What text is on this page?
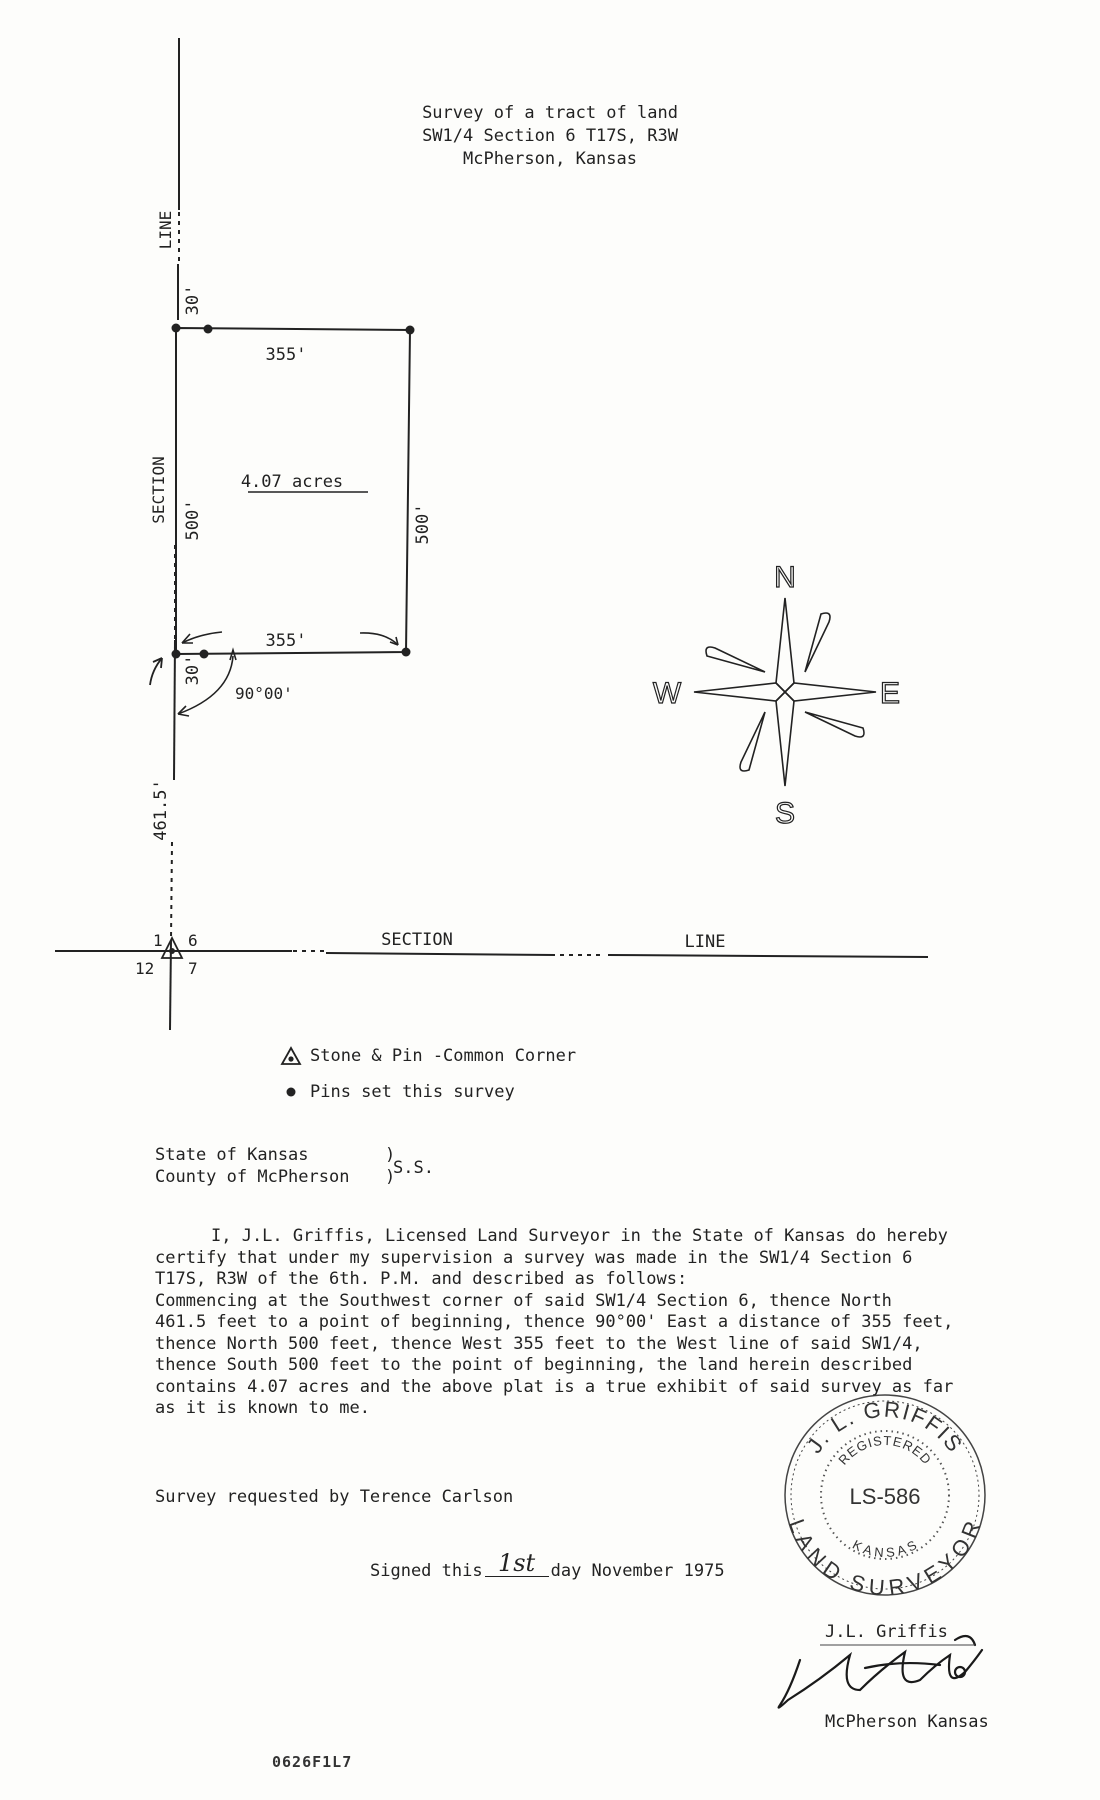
Survey of a tract of land
SW1/4 Section 6 T17S, R3W
McPherson, Kansas
LINE
30'
SECTION 500'	500'
355'
355'
30'
90°00'
4.07 acres
461.5'
SECTION	LINE
1 6
12 7
N
S
E
W
J. L. GRIFFIS
REGISTERED
LS-586
KANSAS
LAND SURVEYOR
Stone & Pin -Common Corner
Pins set this survey
State of Kansas	)
County of McPherson	)
S.S.

I, J.L. Griffis, Licensed Land Surveyor in the State of Kansas do hereby

certify that under my supervision a survey was made in the SW1/4 Section 6

T17S, R3W of the 6th. P.M. and described as follows:

Commencing at the Southwest corner of said SW1/4 Section 6, thence North

461.5 feet to a point of beginning, thence 90°00' East a distance of 355 feet,

thence North 500 feet, thence West 355 feet to the West line of said SW1/4,

thence South 500 feet to the point of beginning, the land herein described

contains 4.07 acres and the above plat is a true exhibit of said survey as far

as it is known to me.

Survey requested by Terence Carlson
Signed this 1st day November 1975
J.L. Griffis
McPherson Kansas
0626F1L7
